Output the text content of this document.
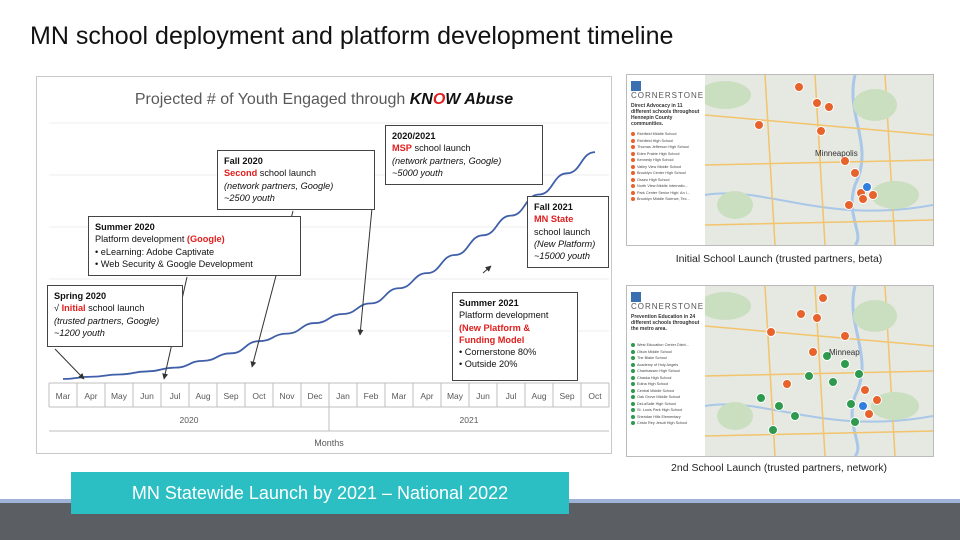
MN school deployment and platform development timeline
Mar Apr May Jun Jul Aug Sep Oct Nov Dec Jan Feb Mar Apr May Jun Jul Aug Sep Oct
2020	2021
Months
Projected # of Youth Engaged through KNOW Abuse
Spring 2020
√ Initial school launch
(trusted partners, Google)
~1200 youth
Summer 2020
Platform development (Google)
• eLearning: Adobe Captivate
• Web Security & Google Development
Fall 2020
Second school launch
(network partners, Google)
~2500 youth
2020/2021
MSP school launch
(network partners, Google)
~5000 youth
Fall 2021
MN State
school launch
(New Platform)
~15000 youth
Summer 2021
Platform development
(New Platform &
Funding Model
• Cornerstone 80%
• Outside 20%
CORNERSTONE
Direct Advocacy in 11 different schools throughout Hennepin County communities.
Richfield Middle School
Richfield High School
Thomas Jefferson High School
Eden Prairie High School
Kennedy High School
Valley View Middle School
Brooklyn Center High School
Osseo High School
North View Middle Internatio...
Park Center Senior High: An I...
Brooklyn Middle Science, Tec...
Minneapolis
Initial School Launch (trusted partners, beta)
CORNERSTONE
Prevention Education in 24 different schools throughout the metro area.
West Education Center Distri...
Olson Middle School
The Blake School
Academy of Holy Angels
Chanhassen High School
Chaska High School
Edina High School
Central Middle School
Oak Grove Middle School
DeLaSalle High School
St. Louis Park High School
Sheridan Hills Elementary
Cristo Rey Jesuit High School
Minneap
2nd School Launch (trusted partners, network)
MN Statewide Launch by 2021 – National 2022
